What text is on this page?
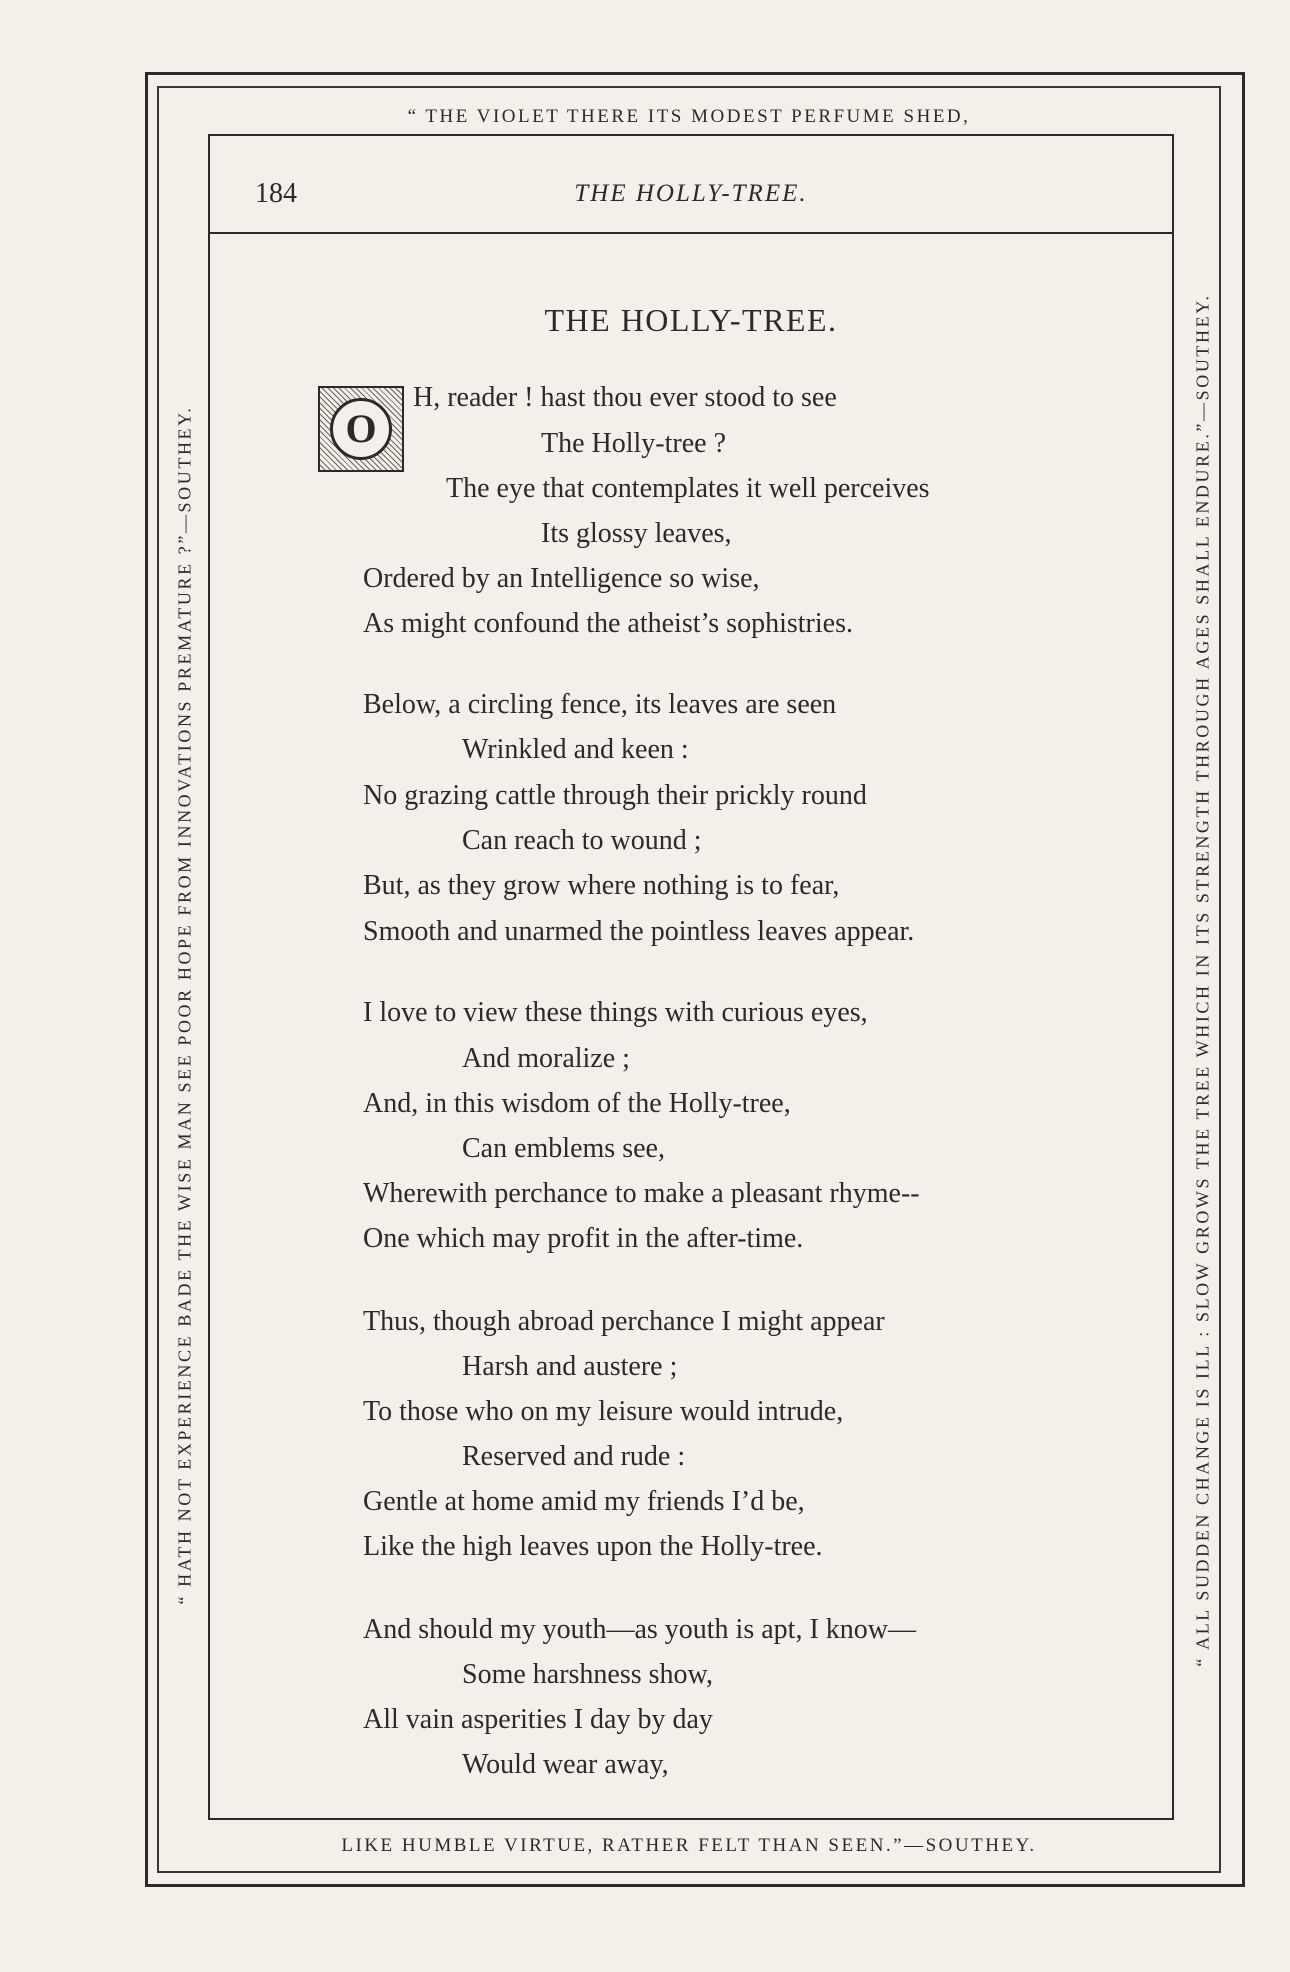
“ THE VIOLET THERE ITS MODEST PERFUME SHED,
LIKE HUMBLE VIRTUE, RATHER FELT THAN SEEN.”—SOUTHEY.
“ HATH NOT EXPERIENCE BADE THE WISE MAN SEE POOR HOPE FROM INNOVATIONS PREMATURE ?”—SOUTHEY.	“ ALL SUDDEN CHANGE IS ILL : SLOW GROWS THE TREE WHICH IN ITS STRENGTH THROUGH AGES SHALL ENDURE.”—SOUTHEY.
184	THE HOLLY-TREE.
THE HOLLY-TREE.
O
H, reader ! hast thou ever stood to see
The Holly-tree ?
The eye that contemplates it well perceives
Its glossy leaves,
Ordered by an Intelligence so wise,
As might confound the atheist’s sophistries.
Below, a circling fence, its leaves are seen
Wrinkled and keen :
No grazing cattle through their prickly round
Can reach to wound ;
But, as they grow where nothing is to fear,
Smooth and unarmed the pointless leaves appear.
I love to view these things with curious eyes,
And moralize ;
And, in this wisdom of the Holly-tree,
Can emblems see,
Wherewith perchance to make a pleasant rhyme--
One which may profit in the after-time.
Thus, though abroad perchance I might appear
Harsh and austere ;
To those who on my leisure would intrude,
Reserved and rude :
Gentle at home amid my friends I’d be,
Like the high leaves upon the Holly-tree.
And should my youth—as youth is apt, I know—
Some harshness show,
All vain asperities I day by day
Would wear away,
